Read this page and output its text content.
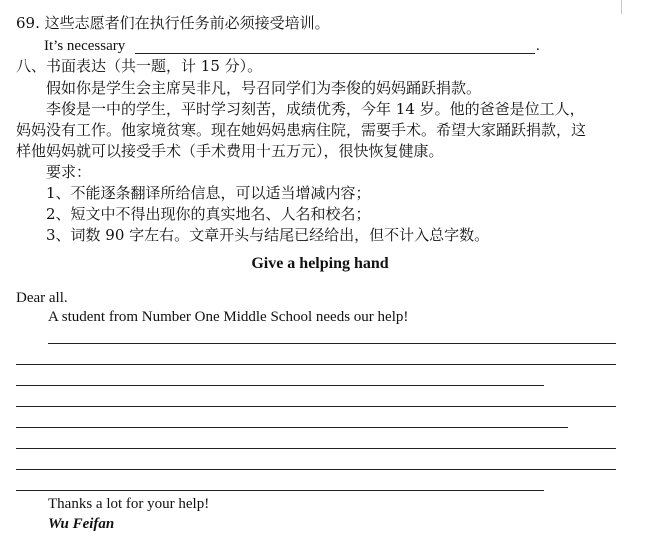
69. 这些志愿者们在执行任务前必须接受培训。
It’s necessary	.
八、书面表达（共一题，计 15 分）。
假如你是学生会主席吴非凡，号召同学们为李俊的妈妈踊跃捐款。
李俊是一中的学生，平时学习刻苦，成绩优秀，今年 14 岁。他的爸爸是位工人，
妈妈没有工作。他家境贫寒。现在她妈妈患病住院，需要手术。希望大家踊跃捐款，这
样他妈妈就可以接受手术（手术费用十五万元），很快恢复健康。
要求：
1、不能逐条翻译所给信息，可以适当增减内容；
2、短文中不得出现你的真实地名、人名和校名；
3、词数 90 字左右。文章开头与结尾已经给出，但不计入总字数。
Give a helping hand
Dear all.
A student from Number One Middle School needs our help!
Thanks a lot for your help!
Wu Feifan
